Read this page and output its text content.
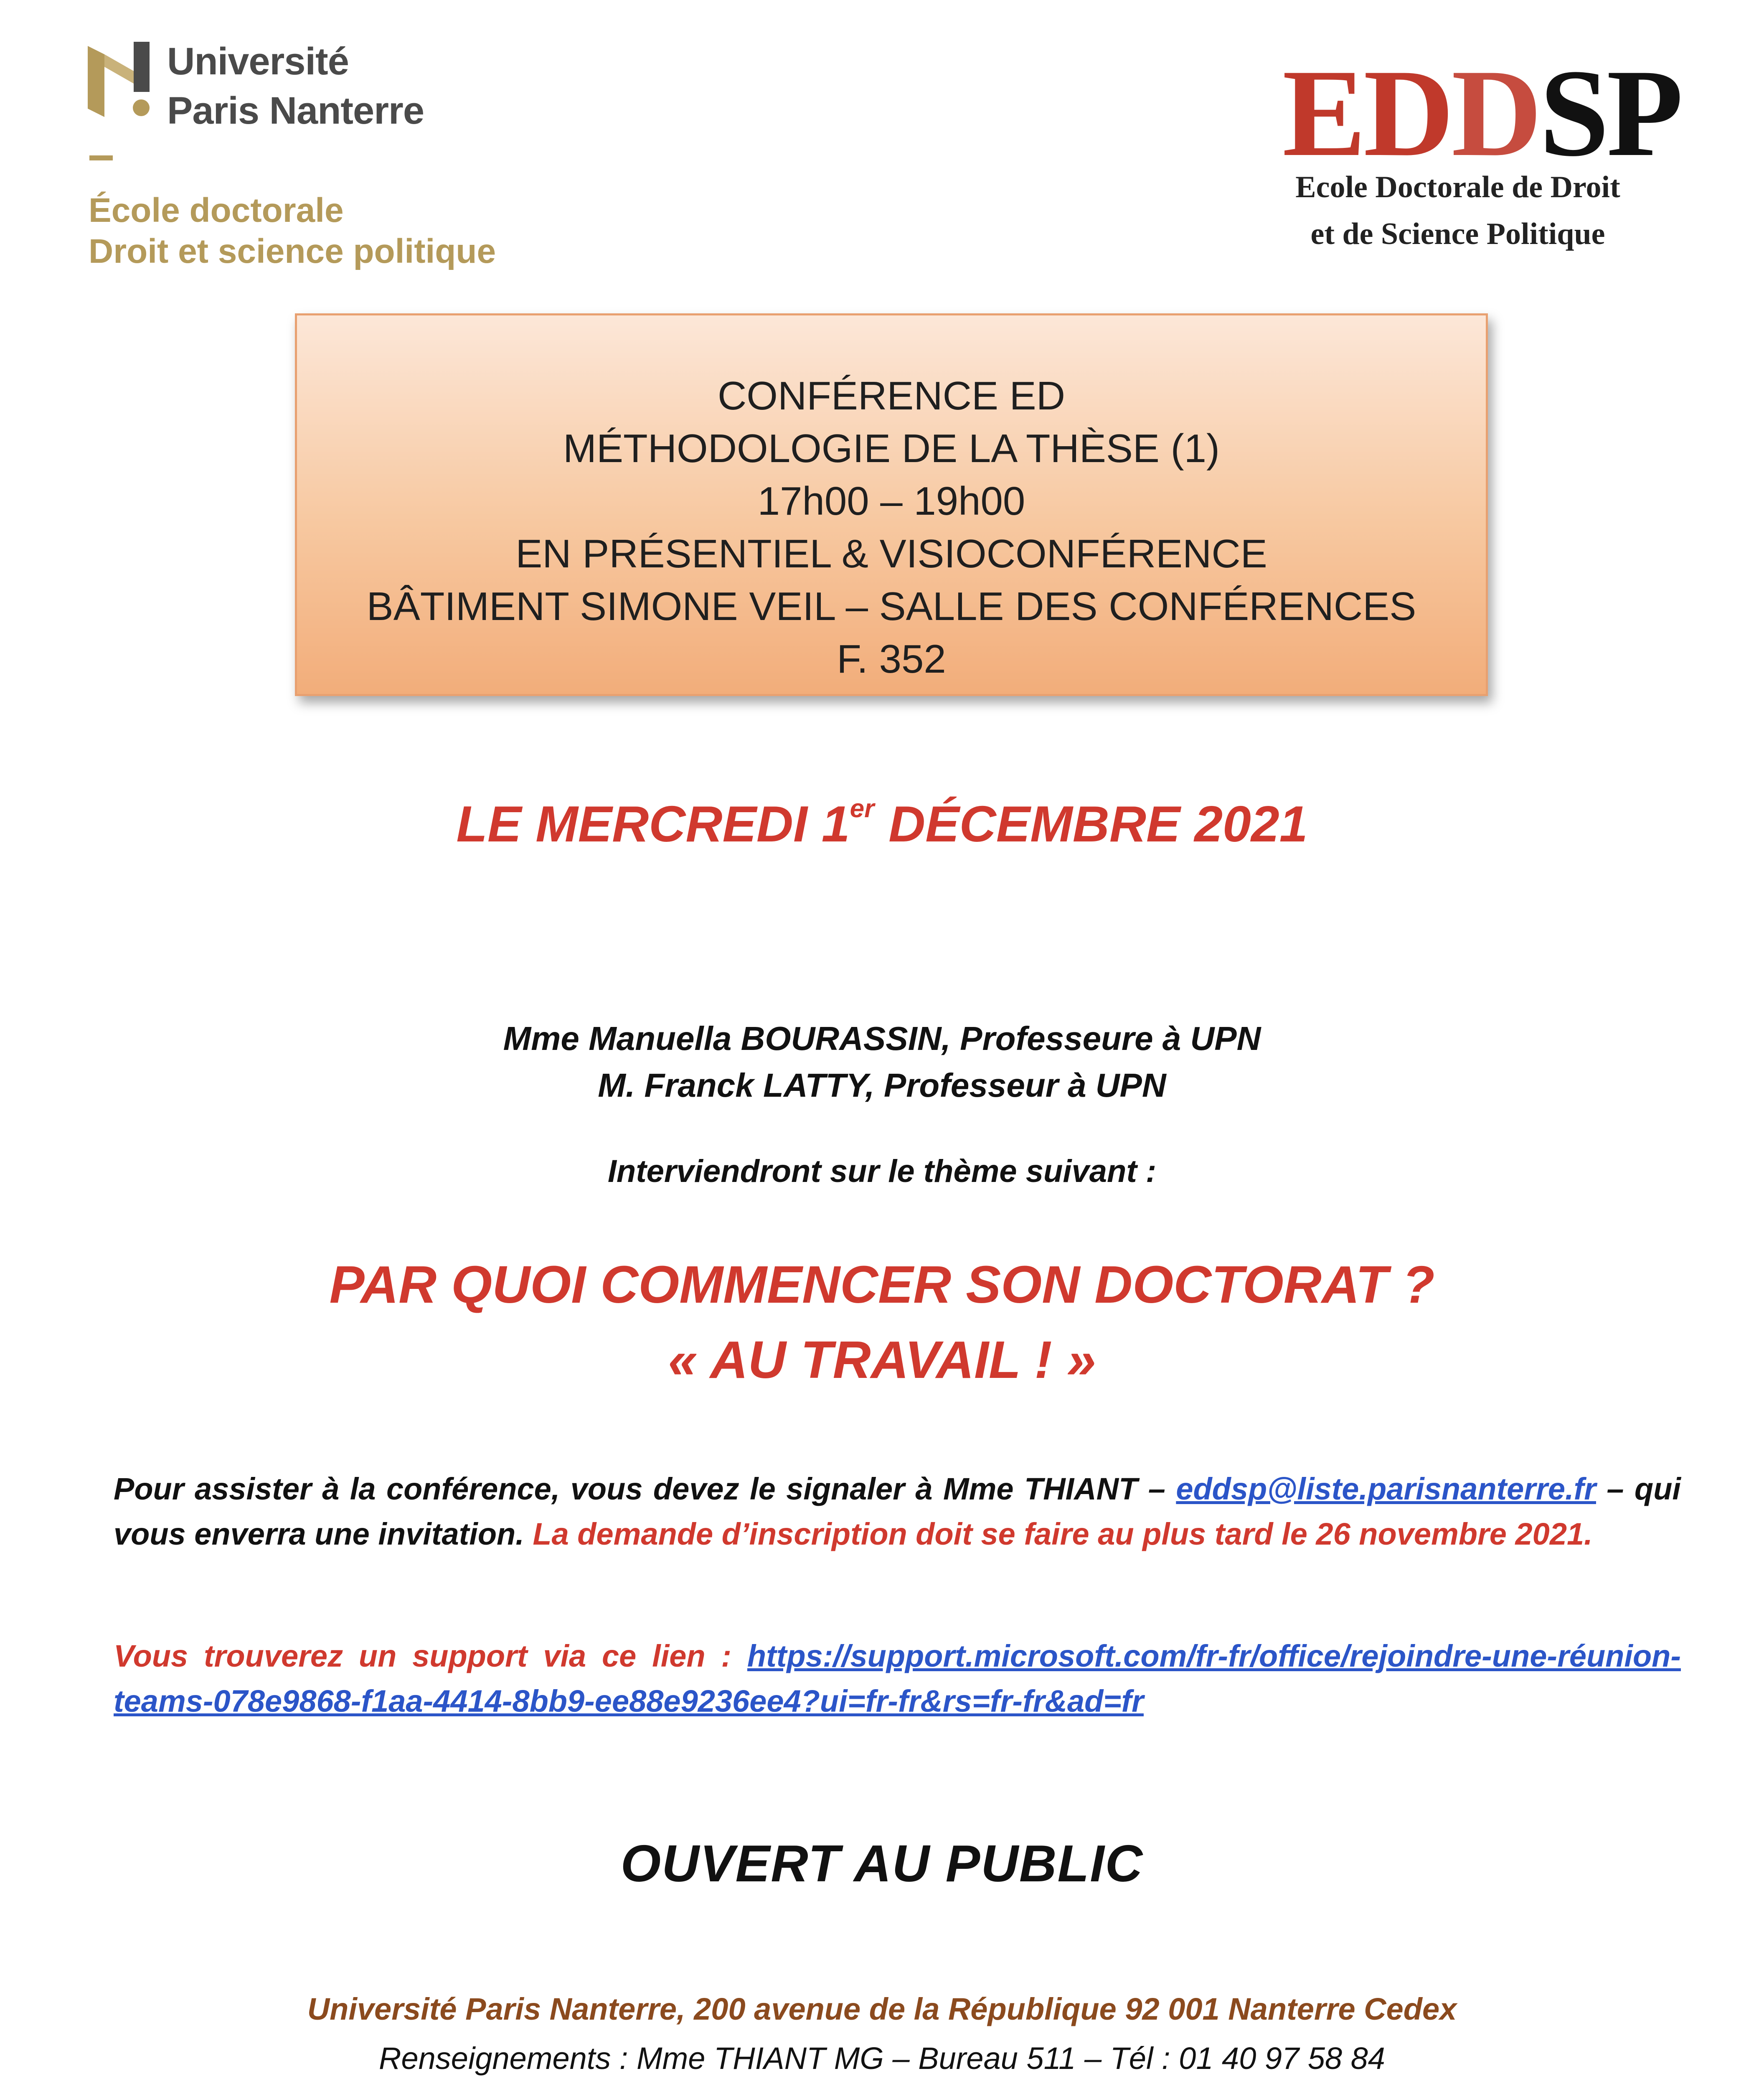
Université
Paris Nanterre
École doctorale
Droit et science politique
EDDSP
Ecole Doctorale de Droit
et de Science Politique
CONFÉRENCE ED
MÉTHODOLOGIE DE LA THÈSE (1)
17h00 – 19h00
EN PRÉSENTIEL & VISIOCONFÉRENCE
BÂTIMENT SIMONE VEIL – SALLE DES CONFÉRENCES
F. 352
LE MERCREDI 1er DÉCEMBRE 2021
Mme Manuella BOURASSIN, Professeure à UPN
M. Franck LATTY, Professeur à UPN
Interviendront sur le thème suivant :
PAR QUOI COMMENCER SON DOCTORAT ?
« AU TRAVAIL ! »
Pour assister à la conférence, vous devez le signaler à Mme THIANT – eddsp@liste.parisnanterre.fr – qui vous enverra une invitation. La demande d’inscription doit se faire au plus tard le 26 novembre 2021.
Vous trouverez un support via ce lien : https://support.microsoft.com/fr-fr/office/rejoindre-une-réunion-teams-078e9868-f1aa-4414-8bb9-ee88e9236ee4?ui=fr-fr&rs=fr-fr&ad=fr
OUVERT AU PUBLIC
Université Paris Nanterre, 200 avenue de la République 92 001 Nanterre Cedex
Renseignements : Mme THIANT MG – Bureau 511 – Tél : 01 40 97 58 84
